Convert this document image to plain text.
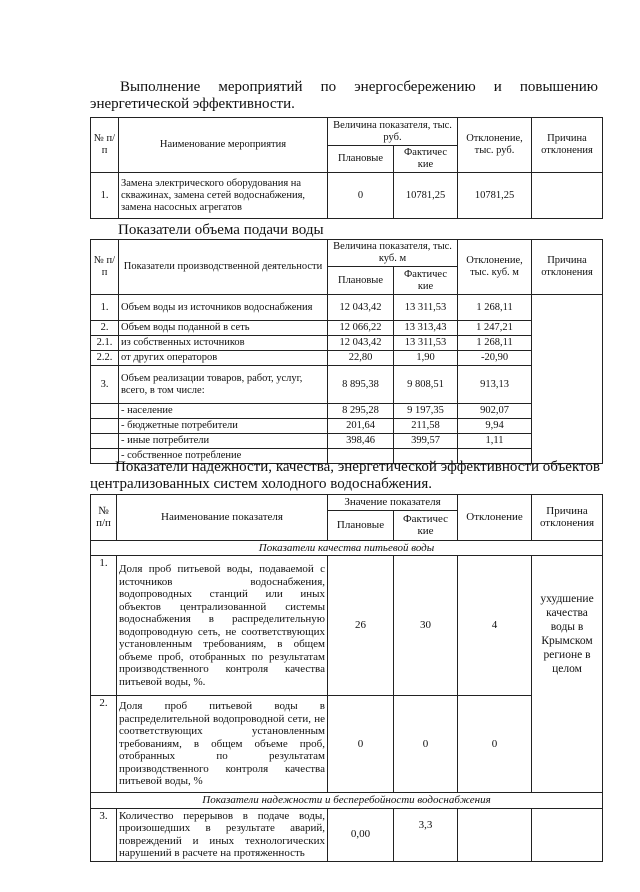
Выполнение мероприятий по энергосбережению и повышению
энергетической эффективности.
№ п/п	Наименование мероприятия	Величина показателя, тыс. руб.		Отклонение, тыс. руб.	Причина отклонения
		Плановые	Фактичес кие		
1.	Замена электрического оборудования на скважинах, замена сетей водоснабжения, замена насосных агрегатов	0	10781,25	10781,25	
Показатели объема подачи воды
№ п/п	Показатели производственной деятельности	Величина показателя, тыс. куб. м		Отклонение, тыс. куб. м	Причина отклонения
		Плановые	Фактичес кие		
1.	Объем воды из источников водоснабжения	12 043,42	13 311,53	1 268,11	
2.	Объем воды поданной в сеть	12 066,22	13 313,43	1 247,21	
2.1.	из собственных источников	12 043,42	13 311,53	1 268,11	
2.2.	от других операторов	22,80	1,90	-20,90	
3.	Объем реализации товаров, работ, услуг, всего, в том числе:	8 895,38	9 808,51	913,13	
	- население	8 295,28	9 197,35	902,07	
	- бюджетные потребители	201,64	211,58	9,94	
	- иные потребители	398,46	399,57	1,11	
	- собственное потребление				
Показатели надежности, качества, энергетической эффективности объектов
централизованных систем холодного водоснабжения.
№ п/п	Наименование показателя	Значение показателя		Отклонение	Причина отклонения
		Плановые	Фактичес кие		
Показатели качества питьевой воды					
1.	Доля проб питьевой воды, подаваемой с источников водоснабжения, водопроводных станций или иных объектов централизованной системы водоснабжения в распределительную водопроводную сеть, не соответствующих установленным требованиям, в общем объеме проб, отобранных по результатам производственного контроля качества питьевой воды, %.	26	30	4	ухудшение качества воды в Крымском регионе в целом
2.	Доля проб питьевой воды в распределительной водопроводной сети, не соответствующих установленным требованиям, в общем объеме проб, отобранных по результатам производственного контроля качества питьевой воды, %	0	0	0	
Показатели надежности и бесперебойности водоснабжения					
3.	Количество перерывов в подаче воды, произошедших в результате аварий, повреждений и иных технологических нарушений в расчете на протяженность	0,00	3,3		
